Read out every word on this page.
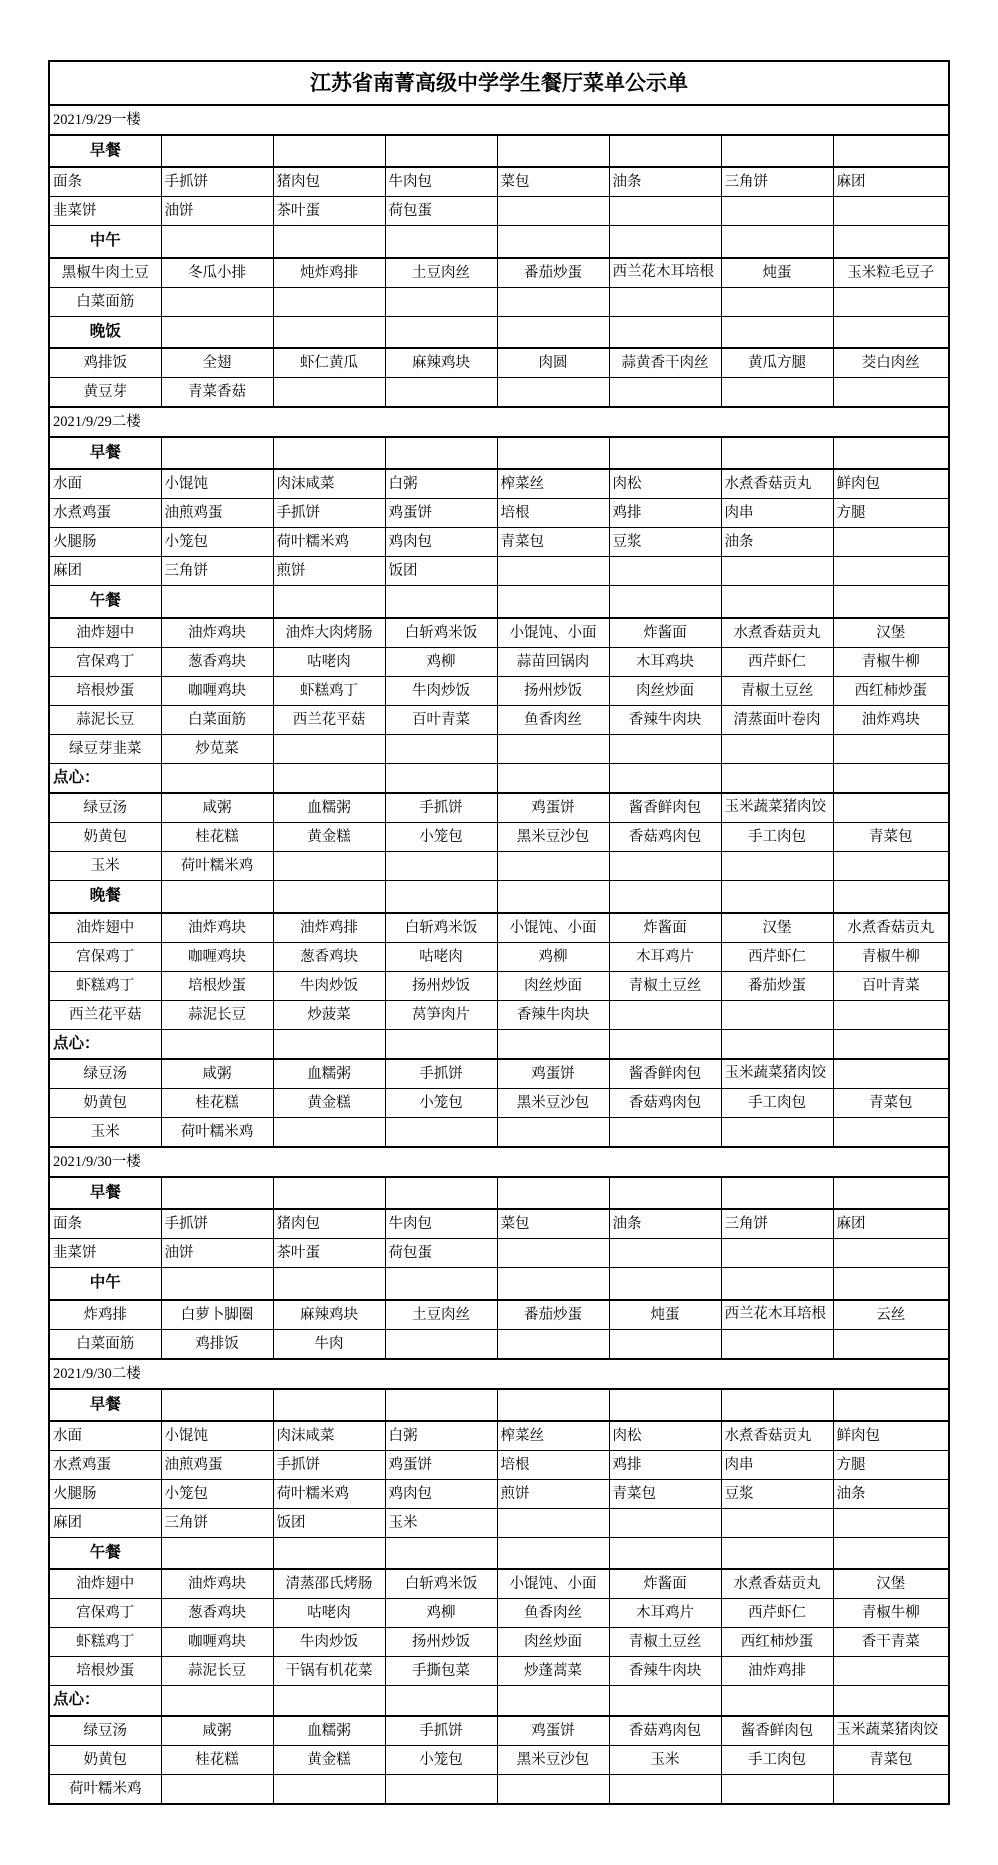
江苏省南菁高级中学学生餐厅菜单公示单							
2021/9/29一楼							
早餐							
面条	手抓饼	猪肉包	牛肉包	菜包	油条	三角饼	麻团
韭菜饼	油饼	茶叶蛋	荷包蛋				
中午							
黑椒牛肉土豆	冬瓜小排	炖炸鸡排	土豆肉丝	番茄炒蛋	西兰花木耳培根	炖蛋	玉米粒毛豆子
白菜面筋							
晚饭							
鸡排饭	全翅	虾仁黄瓜	麻辣鸡块	肉圆	蒜黄香干肉丝	黄瓜方腿	茭白肉丝
黄豆芽	青菜香菇						
2021/9/29二楼							
早餐							
水面	小馄饨	肉沫咸菜	白粥	榨菜丝	肉松	水煮香菇贡丸	鲜肉包
水煮鸡蛋	油煎鸡蛋	手抓饼	鸡蛋饼	培根	鸡排	肉串	方腿
火腿肠	小笼包	荷叶糯米鸡	鸡肉包	青菜包	豆浆	油条	
麻团	三角饼	煎饼	饭团				
午餐							
油炸翅中	油炸鸡块	油炸大肉烤肠	白斩鸡米饭	小馄饨、小面	炸酱面	水煮香菇贡丸	汉堡
宫保鸡丁	葱香鸡块	咕咾肉	鸡柳	蒜苗回锅肉	木耳鸡块	西芹虾仁	青椒牛柳
培根炒蛋	咖喱鸡块	虾糕鸡丁	牛肉炒饭	扬州炒饭	肉丝炒面	青椒土豆丝	西红柿炒蛋
蒜泥长豆	白菜面筋	西兰花平菇	百叶青菜	鱼香肉丝	香辣牛肉块	清蒸面叶卷肉	油炸鸡块
绿豆芽韭菜	炒苋菜						
点心：							
绿豆汤	咸粥	血糯粥	手抓饼	鸡蛋饼	酱香鲜肉包	玉米蔬菜猪肉饺	

奶黄包	桂花糕	黄金糕	小笼包	黑米豆沙包	香菇鸡肉包	手工肉包	青菜包
玉米	荷叶糯米鸡						
晚餐							
油炸翅中	油炸鸡块	油炸鸡排	白斩鸡米饭	小馄饨、小面	炸酱面	汉堡	水煮香菇贡丸
宫保鸡丁	咖喱鸡块	葱香鸡块	咕咾肉	鸡柳	木耳鸡片	西芹虾仁	青椒牛柳
虾糕鸡丁	培根炒蛋	牛肉炒饭	扬州炒饭	肉丝炒面	青椒土豆丝	番茄炒蛋	百叶青菜
西兰花平菇	蒜泥长豆	炒菠菜	莴笋肉片	香辣牛肉块			
点心：							
绿豆汤	咸粥	血糯粥	手抓饼	鸡蛋饼	酱香鲜肉包	玉米蔬菜猪肉饺	

奶黄包	桂花糕	黄金糕	小笼包	黑米豆沙包	香菇鸡肉包	手工肉包	青菜包
玉米	荷叶糯米鸡						
2021/9/30一楼							
早餐							
面条	手抓饼	猪肉包	牛肉包	菜包	油条	三角饼	麻团
韭菜饼	油饼	茶叶蛋	荷包蛋				
中午							
炸鸡排	白萝卜脚圈	麻辣鸡块	土豆肉丝	番茄炒蛋	炖蛋	西兰花木耳培根	云丝
白菜面筋	鸡排饭	牛肉					
2021/9/30二楼							
早餐							
水面	小馄饨	肉沫咸菜	白粥	榨菜丝	肉松	水煮香菇贡丸	鲜肉包
水煮鸡蛋	油煎鸡蛋	手抓饼	鸡蛋饼	培根	鸡排	肉串	方腿
火腿肠	小笼包	荷叶糯米鸡	鸡肉包	煎饼	青菜包	豆浆	油条
麻团	三角饼	饭团	玉米				
午餐							
油炸翅中	油炸鸡块	清蒸邵氏烤肠	白斩鸡米饭	小馄饨、小面	炸酱面	水煮香菇贡丸	汉堡
宫保鸡丁	葱香鸡块	咕咾肉	鸡柳	鱼香肉丝	木耳鸡片	西芹虾仁	青椒牛柳
虾糕鸡丁	咖喱鸡块	牛肉炒饭	扬州炒饭	肉丝炒面	青椒土豆丝	西红柿炒蛋	香干青菜
培根炒蛋	蒜泥长豆	干锅有机花菜	手撕包菜	炒蓬蒿菜	香辣牛肉块	油炸鸡排	
点心：							
绿豆汤	咸粥	血糯粥	手抓饼	鸡蛋饼	香菇鸡肉包	酱香鲜肉包	玉米蔬菜猪肉饺

奶黄包	桂花糕	黄金糕	小笼包	黑米豆沙包	玉米	手工肉包	青菜包
荷叶糯米鸡							
